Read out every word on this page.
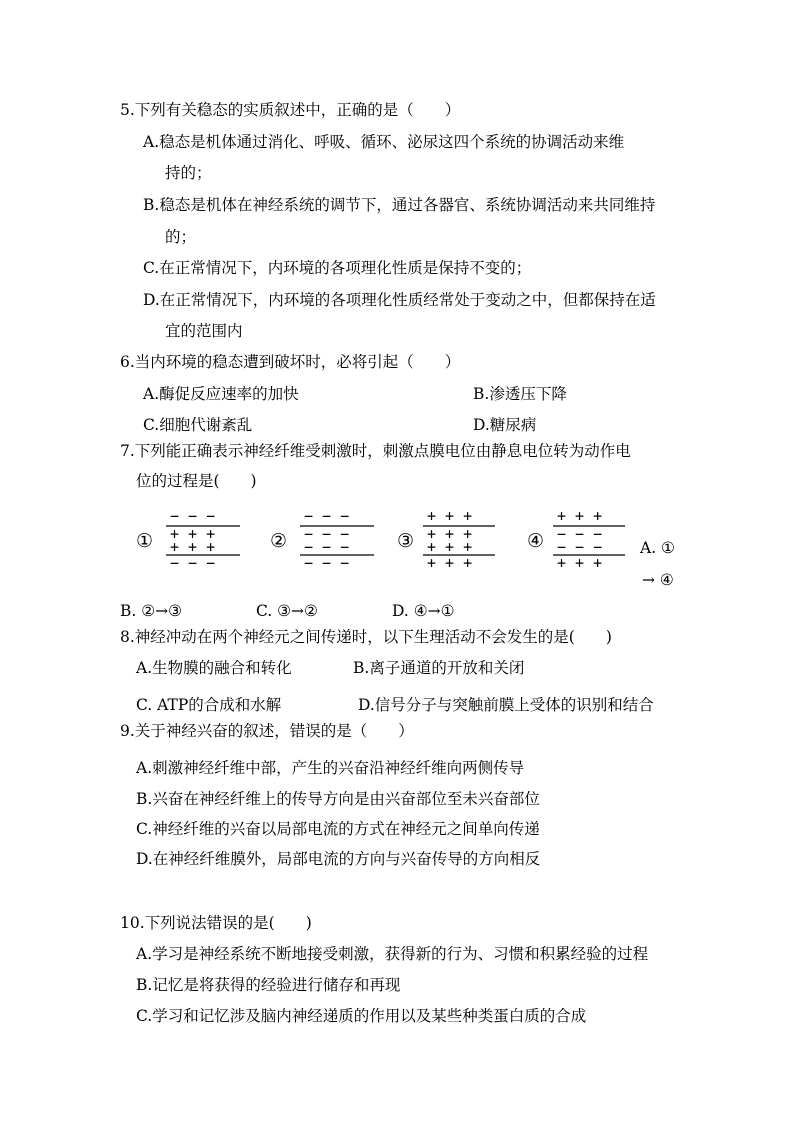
5.下列有关稳态的实质叙述中，正确的是（　　）
A.稳态是机体通过消化、呼吸、循环、泌尿这四个系统的协调活动来维
持的；
B.稳态是机体在神经系统的调节下，通过各器官、系统协调活动来共同维持
的；
C.在正常情况下，内环境的各项理化性质是保持不变的；
D.在正常情况下，内环境的各项理化性质经常处于变动之中，但都保持在适
宜的范围内
6.当内环境的稳态遭到破坏时，必将引起（　　）
A.酶促反应速率的加快	B.渗透压下降
C.细胞代谢紊乱	D.糖尿病
7.下列能正确表示神经纤维受刺激时，刺激点膜电位由静息电位转为动作电
位的过程是(　　)
①
− − −
+ + +
+ + +
− − −
②
− − −
− − −
− − −
− − −
③
+ + +
+ + +
+ + +
+ + +
④
+ + +
− − −
− − −
+ + +
A. ①
→ ④
B. ②→③	C. ③→②	D. ④→①
8.神经冲动在两个神经元之间传递时，以下生理活动不会发生的是(　　)
A.生物膜的融合和转化	B.离子通道的开放和关闭
C. ATP的合成和水解	D.信号分子与突触前膜上受体的识别和结合
9.关于神经兴奋的叙述，错误的是（　　）
A.刺激神经纤维中部，产生的兴奋沿神经纤维向两侧传导
B.兴奋在神经纤维上的传导方向是由兴奋部位至未兴奋部位
C.神经纤维的兴奋以局部电流的方式在神经元之间单向传递
D.在神经纤维膜外，局部电流的方向与兴奋传导的方向相反
10.下列说法错误的是(　　)
A.学习是神经系统不断地接受刺激，获得新的行为、习惯和积累经验的过程
B.记忆是将获得的经验进行储存和再现
C.学习和记忆涉及脑内神经递质的作用以及某些种类蛋白质的合成
